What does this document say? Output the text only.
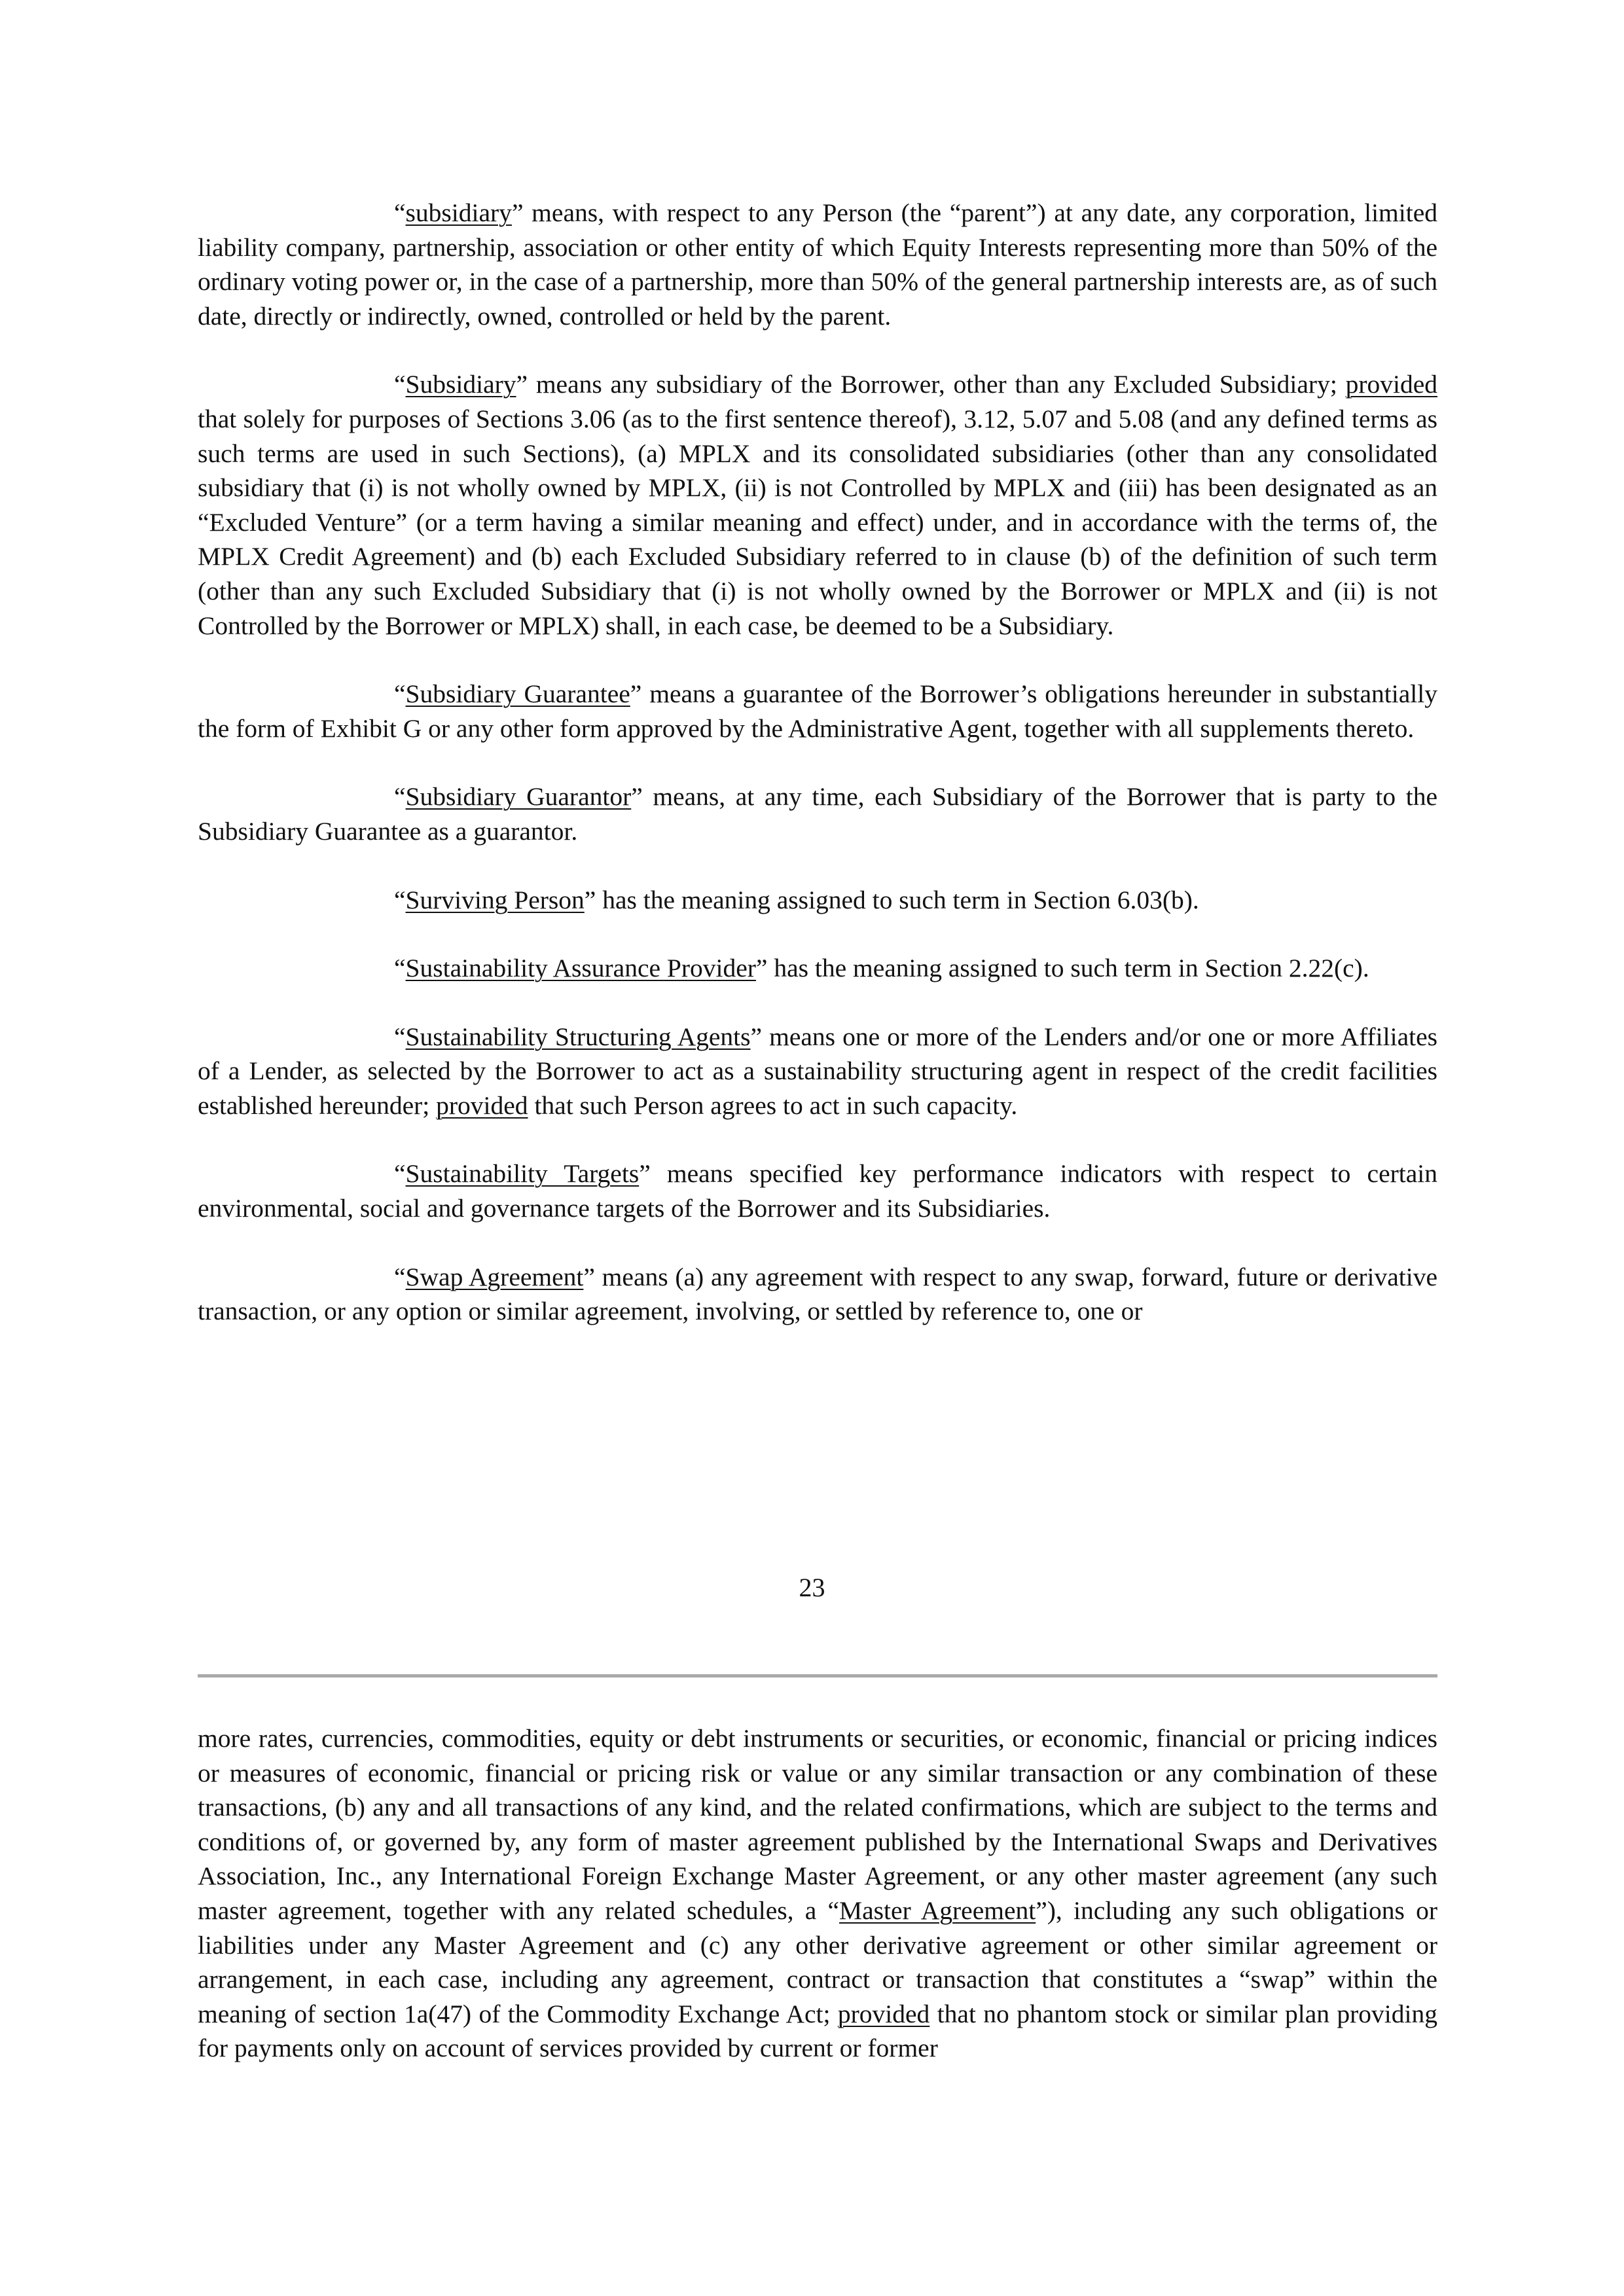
“subsidiary” means, with respect to any Person (the “parent”) at any date, any corporation, limited liability company, partnership, association or other entity of which Equity Interests representing more than 50% of the ordinary voting power or, in the case of a partnership, more than 50% of the general partnership interests are, as of such date, directly or indirectly, owned, controlled or held by the parent.

“Subsidiary” means any subsidiary of the Borrower, other than any Excluded Subsidiary; provided that solely for purposes of Sections 3.06 (as to the first sentence thereof), 3.12, 5.07 and 5.08 (and any defined terms as such terms are used in such Sections), (a) MPLX and its consolidated subsidiaries (other than any consolidated subsidiary that (i) is not wholly owned by MPLX, (ii) is not Controlled by MPLX and (iii) has been designated as an “Excluded Venture” (or a term having a similar meaning and effect) under, and in accordance with the terms of, the MPLX Credit Agreement) and (b) each Excluded Subsidiary referred to in clause (b) of the definition of such term (other than any such Excluded Subsidiary that (i) is not wholly owned by the Borrower or MPLX and (ii) is not Controlled by the Borrower or MPLX) shall, in each case, be deemed to be a Subsidiary.

“Subsidiary Guarantee” means a guarantee of the Borrower’s obligations hereunder in substantially the form of Exhibit G or any other form approved by the Administrative Agent, together with all supplements thereto.

“Subsidiary Guarantor” means, at any time, each Subsidiary of the Borrower that is party to the Subsidiary Guarantee as a guarantor.

“Surviving Person” has the meaning assigned to such term in Section 6.03(b).

“Sustainability Assurance Provider” has the meaning assigned to such term in Section 2.22(c).

“Sustainability Structuring Agents” means one or more of the Lenders and/or one or more Affiliates of a Lender, as selected by the Borrower to act as a sustainability structuring agent in respect of the credit facilities established hereunder; provided that such Person agrees to act in such capacity.

“Sustainability Targets” means specified key performance indicators with respect to certain environmental, social and governance targets of the Borrower and its Subsidiaries.

“Swap Agreement” means (a) any agreement with respect to any swap, forward, future or derivative transaction, or any option or similar agreement, involving, or settled by reference to, one or

23

more rates, currencies, commodities, equity or debt instruments or securities, or economic, financial or pricing indices or measures of economic, financial or pricing risk or value or any similar transaction or any combination of these transactions, (b) any and all transactions of any kind, and the related confirmations, which are subject to the terms and conditions of, or governed by, any form of master agreement published by the International Swaps and Derivatives Association, Inc., any International Foreign Exchange Master Agreement, or any other master agreement (any such master agreement, together with any related schedules, a “Master Agreement”), including any such obligations or liabilities under any Master Agreement and (c) any other derivative agreement or other similar agreement or arrangement, in each case, including any agreement, contract or transaction that constitutes a “swap” within the meaning of section 1a(47) of the Commodity Exchange Act; provided that no phantom stock or similar plan providing for payments only on account of services provided by current or former
